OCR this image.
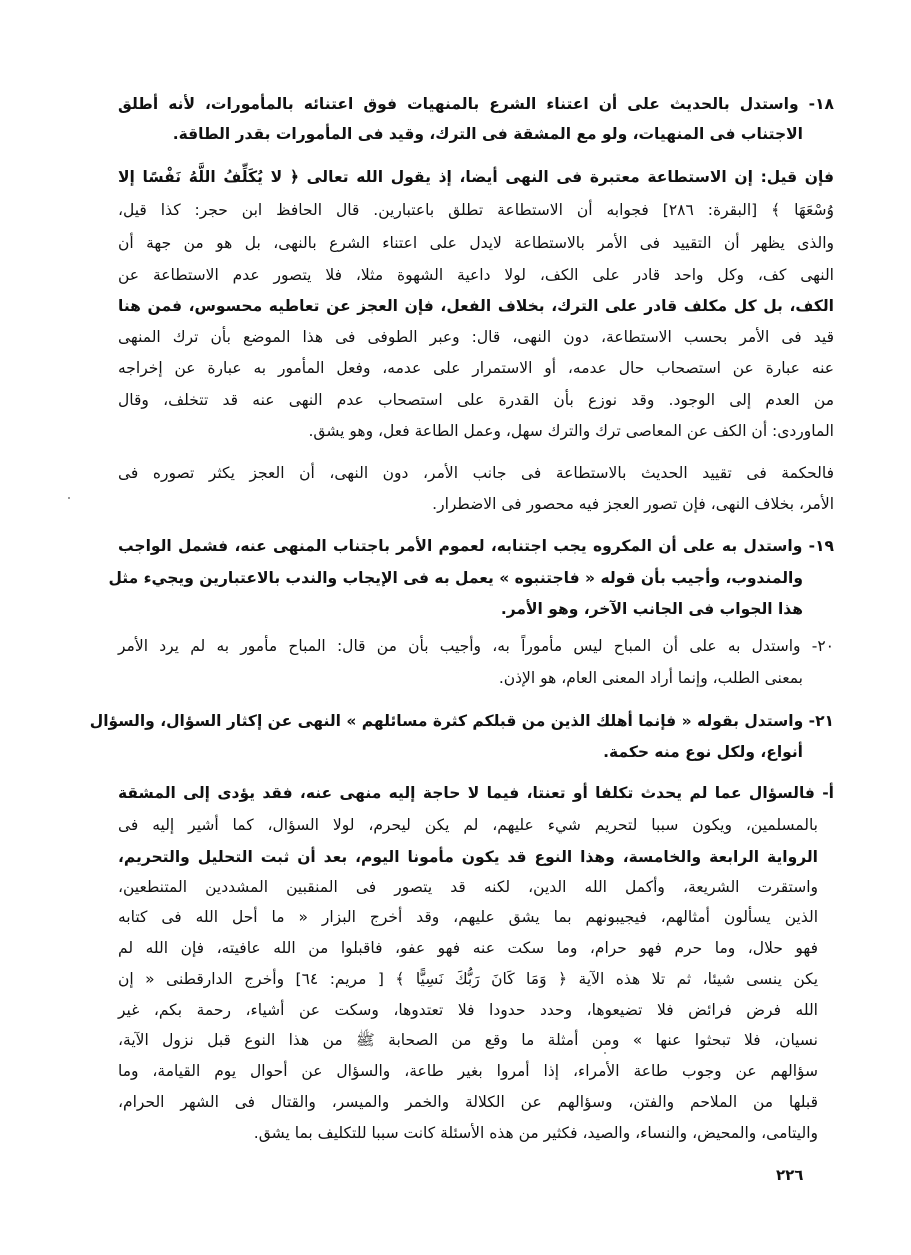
١٨- واستدل بالحديث على أن اعتناء الشرع بالمنهيات فوق اعتنائه بالمأمورات، لأنه أطلق
الاجتناب فى المنهيات، ولو مع المشقة فى الترك، وقيد فى المأمورات بقدر الطاقة.
فإن قيل: إن الاستطاعة معتبرة فى النهى أيضا، إذ يقول الله تعالى ﴿ لا يُكَلِّفُ اللَّهُ نَفْسًا إلا
وُسْعَهَا ﴾ [البقرة: ٢٨٦] فجوابه أن الاستطاعة تطلق باعتبارين. قال الحافظ ابن حجر: كذا قيل،
والذى يظهر أن التقييد فى الأمر بالاستطاعة لايدل على اعتناء الشرع بالنهى، بل هو من جهة أن
النهى كف، وكل واحد قادر على الكف، لولا داعية الشهوة مثلا، فلا يتصور عدم الاستطاعة عن
الكف، بل كل مكلف قادر على الترك، بخلاف الفعل، فإن العجز عن تعاطيه محسوس، فمن هنا
قيد فى الأمر بحسب الاستطاعة، دون النهى، قال: وعبر الطوفى فى هذا الموضع بأن ترك المنهى
عنه عبارة عن استصحاب حال عدمه، أو الاستمرار على عدمه، وفعل المأمور به عبارة عن إخراجه
من العدم إلى الوجود. وقد نوزع بأن القدرة على استصحاب عدم النهى عنه قد تتخلف، وقال
الماوردى: أن الكف عن المعاصى ترك والترك سهل، وعمل الطاعة فعل، وهو يشق.
فالحكمة فى تقييد الحديث بالاستطاعة فى جانب الأمر، دون النهى، أن العجز يكثر تصوره فى
الأمر، بخلاف النهى، فإن تصور العجز فيه محصور فى الاضطرار.
١٩- واستدل به على أن المكروه يجب اجتنابه، لعموم الأمر باجتناب المنهى عنه، فشمل الواجب
والمندوب، وأجيب بأن قوله « فاجتنبوه » يعمل به فى الإيجاب والندب بالاعتبارين ويجيء مثل
هذا الجواب فى الجانب الآخر، وهو الأمر.
٢٠- واستدل به على أن المباح ليس مأموراً به، وأجيب بأن من قال: المباح مأمور به لم يرد الأمر
بمعنى الطلب، وإنما أراد المعنى العام، هو الإذن.
٢١- واستدل بقوله « فإنما أهلك الذين من قبلكم كثرة مسائلهم » النهى عن إكثار السؤال، والسؤال
أنواع، ولكل نوع منه حكمة.
أ- فالسؤال عما لم يحدث تكلفا أو تعنتا، فيما لا حاجة إليه منهى عنه، فقد يؤدى إلى المشقة
بالمسلمين، ويكون سببا لتحريم شيء عليهم، لم يكن ليحرم، لولا السؤال، كما أشير إليه فى
الرواية الرابعة والخامسة، وهذا النوع قد يكون مأمونا اليوم، بعد أن ثبت التحليل والتحريم،
واستقرت الشريعة، وأكمل الله الدين، لكنه قد يتصور فى المنقبين المشددين المتنطعين،
الذين يسألون أمثالهم، فيجيبونهم بما يشق عليهم، وقد أخرج البزار « ما أحل الله فى كتابه
فهو حلال، وما حرم فهو حرام، وما سكت عنه فهو عفو، فاقبلوا من الله عافيته، فإن الله لم
يكن ينسى شيئا، ثم تلا هذه الآية ﴿ وَمَا كَانَ رَبُّكَ نَسِيًّا ﴾ [ مريم: ٦٤] وأخرج الدارقطنى « إن
الله فرض فرائض فلا تضيعوها، وحدد حدودا فلا تعتدوها، وسكت عن أشياء، رحمة بكم، غير
نسيان، فلا تبحثوا عنها » ومن أمثلة ما وقع من الصحابة ﷺ من هذا النوع قبل نزول الآية،
سؤالهم عن وجوب طاعة الأمراء، إذا أمروا بغير طاعة، والسؤال عن أحوال يوم القيامة، وما
قبلها من الملاحم والفتن، وسؤالهم عن الكلالة والخمر والميسر، والقتال فى الشهر الحرام،
واليتامى، والمحيض، والنساء، والصيد، فكثير من هذه الأسئلة كانت سببا للتكليف بما يشق.
٢٢٦
